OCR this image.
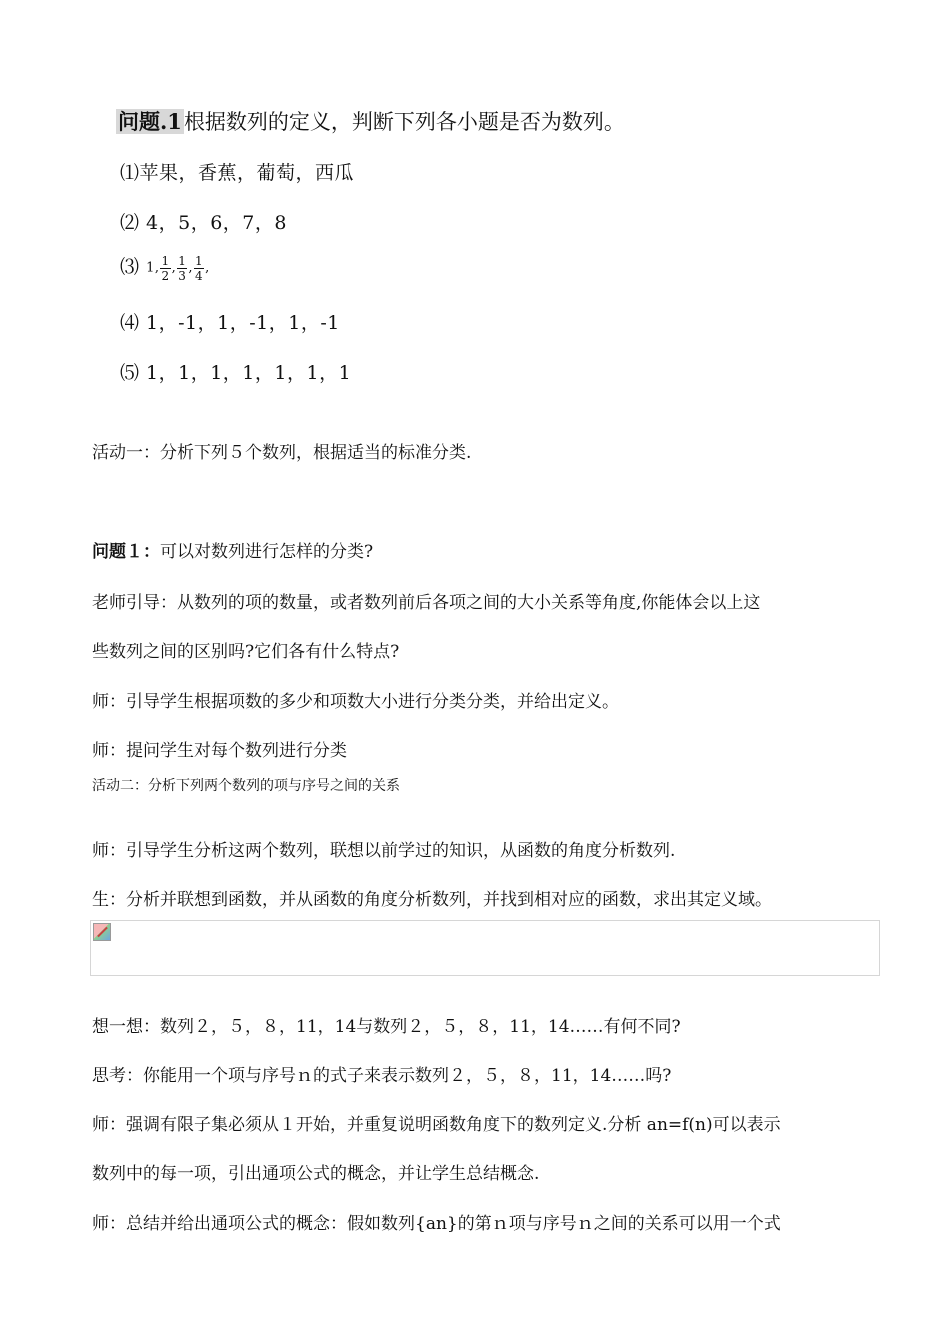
问题.1根据数列的定义，判断下列各小题是否为数列。
⑴苹果，香蕉，葡萄，西瓜
⑵ 4，5，6，7，8
⑶ 1, $\frac{1}{2}$ , $\frac{1}{3}$ , $\frac{1}{4}$ ,
⑷ 1，-1，1，-1，1，-1
⑸ 1，1，1，1，1，1，1
活动一：分析下列５个数列，根据适当的标准分类.
问题１：可以对数列进行怎样的分类?
老师引导：从数列的项的数量，或者数列前后各项之间的大小关系等角度,你能体会以上这
些数列之间的区别吗?它们各有什么特点?
师：引导学生根据项数的多少和项数大小进行分类分类，并给出定义。
师：提问学生对每个数列进行分类
活动二：分析下列两个数列的项与序号之间的关系
师：引导学生分析这两个数列，联想以前学过的知识，从函数的角度分析数列.
生：分析并联想到函数，并从函数的角度分析数列，并找到相对应的函数，求出其定义域。
想一想：数列２，５，８，11，14与数列２，５，８，11，14……有何不同?
思考：你能用一个项与序号ｎ的式子来表示数列２，５，８，11，14……吗?
师：强调有限子集必须从１开始，并重复说明函数角度下的数列定义.分析 an=f(n)可以表示
数列中的每一项，引出通项公式的概念，并让学生总结概念.
师：总结并给出通项公式的概念：假如数列{an}的第ｎ项与序号ｎ之间的关系可以用一个式
